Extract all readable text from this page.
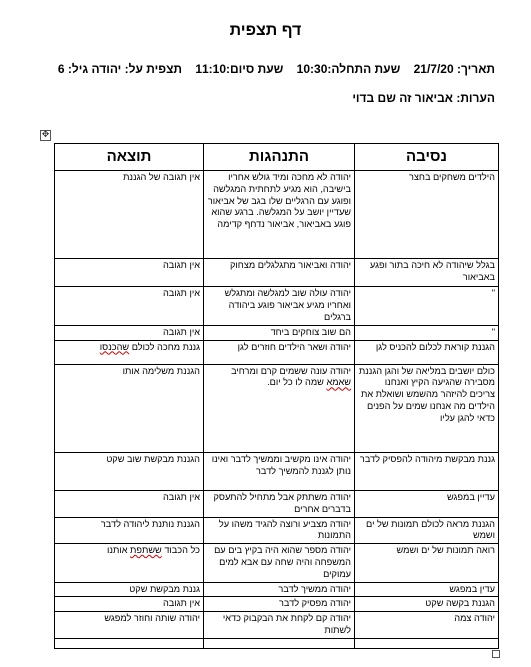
דף תצפית
תאריך: 21/7/20 שעת התחלה:10:30 שעת סיום:11:10 תצפית על: יהודה גיל: 6
הערות: אביאור זה שם בדוי
✥
נסיבה	התנהגות	תוצאה
הילדים משחקים בחצר	יהודה לא מחכה ומיד גולש אחריו בישיבה, הוא מגיע לתחתית המגלשה ופוגע עם הרגליים שלו בגב של אביאור שעדיין יושב על המגלשה. ברגע שהוא פוגע באביאור, אביאור נדחף קדימה	אין תגובה של הגננת
בגלל שיהודה לא חיכה בתור ופגע באביאור	יהודה ואביאור מתגלגלים מצחוק	אין תגובה
"	יהודה עולה שוב למגלשה ומתגלש ואחריו מגיע אביאור פוגע ביהודה ברגלים	אין תגובה
"	הם שוב צוחקים ביחד	אין תגובה
הגננת קוראת לכלום להכניס לגן	יהודה ושאר הילדים חוזרים לגן	גננת מחכה לכולם שהכנסו
כולם יושבים במליאה של והגן הגננת מסבירה שהגיעה הקיץ ואנחנו צריכים להיזהר מהשמש ושואלת את הילדים מה אנחנו שמים על הפנים כדאי להגן עליו	יהודה עונה ששמים קרם ומרחיב שאמא שמה לו כל יום.	הגננת משלימה אותו
גננת מבקשת מיהודה להפסיק לדבר	יהודה אינו מקשיב וממשיך לדבר ואינו נותן לגננת להמשיך לדבר	הגננת מבקשת שוב שקט
עדיין במפגש	יהודה משתתק אבל מתחיל להתעסק בדברים אחרים	אין תגובה
הגננת מראה לכולם תמונות של ים ושמש	יהודה מצביע ורוצה להגיד משהו על התמונות	הגננת נותנת ליהודה לדבר
רואה תמונות של ים ושמש	יהודה מספר שהוא היה בקיץ בים עם המשפחה והיה שחה עם אבא למים עמוקים	כל הכבוד ששתפת אותנו
עדין במפגש	יהודה ממשיך לדבר	גננת מבקשת שקט
הגננת בקשה שקט	יהודה מפסיק לדבר	אין תגובה
יהודה צמה	יהודה קם לקחת את הבקבוק כדאי לשתות	יהודה שותה וחוזר למפגש
